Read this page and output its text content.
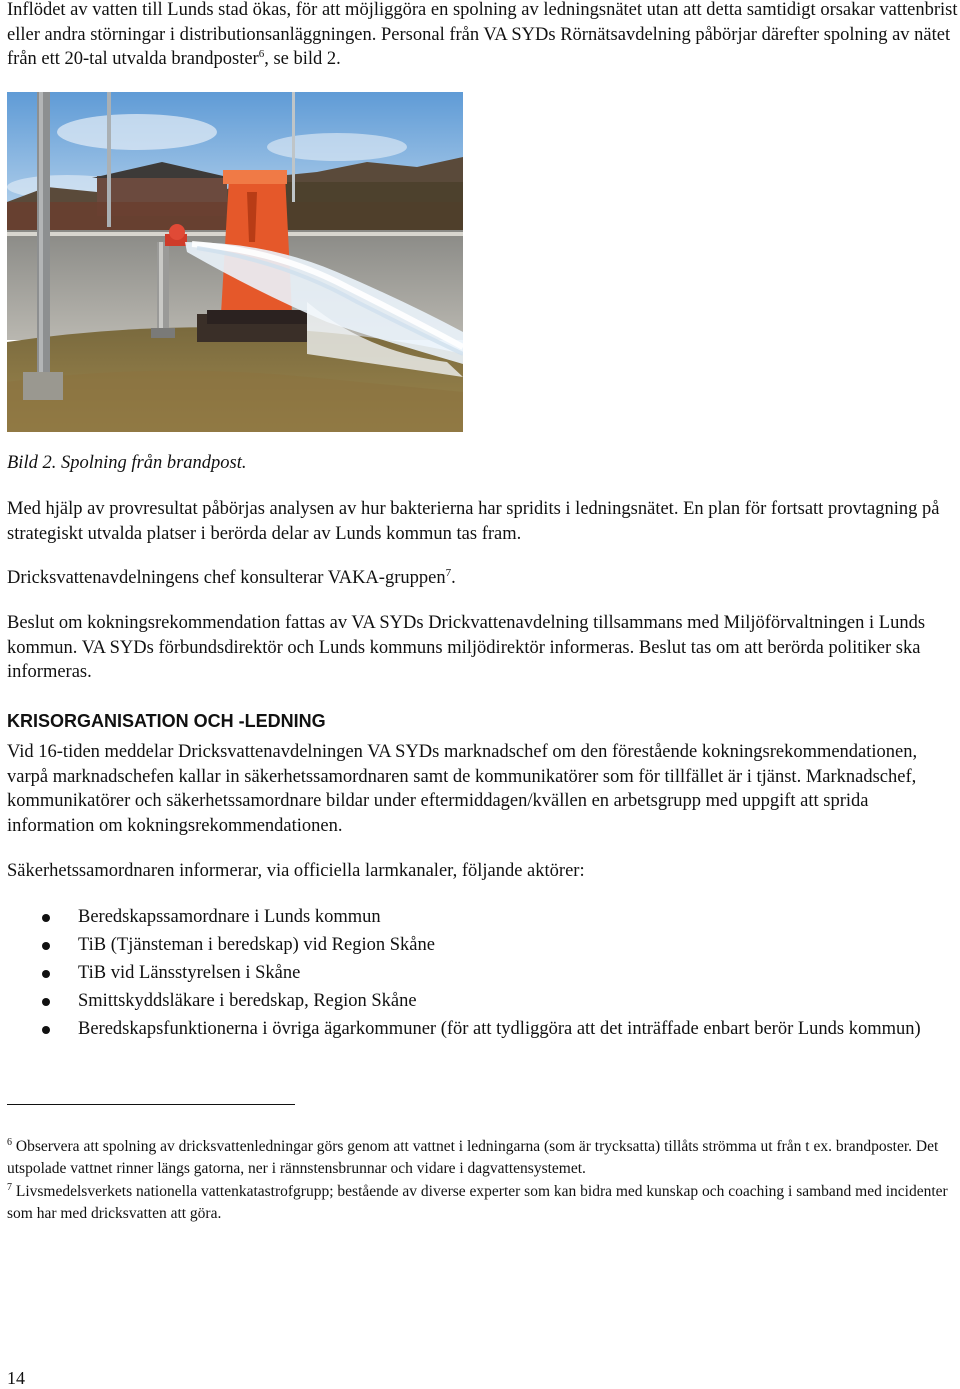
Inflödet av vatten till Lunds stad ökas, för att möjliggöra en spolning av ledningsnätet utan att detta samtidigt orsakar vattenbrist eller andra störningar i distributionsanläggningen. Personal från VA SYDs Rörnätsavdelning påbörjar därefter spolning av nätet från ett 20-tal utvalda brandposter$^6$, se bild 2.

Bild 2. Spolning från brandpost.

Med hjälp av provresultat påbörjas analysen av hur bakterierna har spridits i ledningsnätet. En plan för fortsatt provtagning på strategiskt utvalda platser i berörda delar av Lunds kommun tas fram.

Dricksvattenavdelningens chef konsulterar VAKA-gruppen$^7$.

Beslut om kokningsrekommendation fattas av VA SYDs Drickvattenavdelning tillsammans med Miljöförvaltningen i Lunds kommun. VA SYDs förbundsdirektör och Lunds kommuns miljödirektör informeras. Beslut tas om att berörda politiker ska informeras.

KRISORGANISATION OCH -LEDNING

Vid 16-tiden meddelar Dricksvattenavdelningen VA SYDs marknadschef om den förestående kokningsrekommendationen, varpå marknadschefen kallar in säkerhetssamordnaren samt de kommunikatörer som för tillfället är i tjänst. Marknadschef, kommunikatörer och säkerhetssamordnare bildar under eftermiddagen/kvällen en arbetsgrupp med uppgift att sprida information om kokningsrekommendationen.

Säkerhetssamordnaren informerar, via officiella larmkanaler, följande aktörer:

Beredskapssamordnare i Lunds kommun
TiB (Tjänsteman i beredskap) vid Region Skåne
TiB vid Länsstyrelsen i Skåne
Smittskyddsläkare i beredskap, Region Skåne
Beredskapsfunktionerna i övriga ägarkommuner (för att tydliggöra att det inträffade enbart berör Lunds kommun)

$^6$ Observera att spolning av dricksvattenledningar görs genom att vattnet i ledningarna (som är trycksatta) tillåts strömma ut från t ex. brandposter. Det utspolade vattnet rinner längs gatorna, ner i rännstensbrunnar och vidare i dagvattensystemet.

$^7$ Livsmedelsverkets nationella vattenkatastrofgrupp; bestående av diverse experter som kan bidra med kunskap och coaching i samband med incidenter som har med dricksvatten att göra.

14
